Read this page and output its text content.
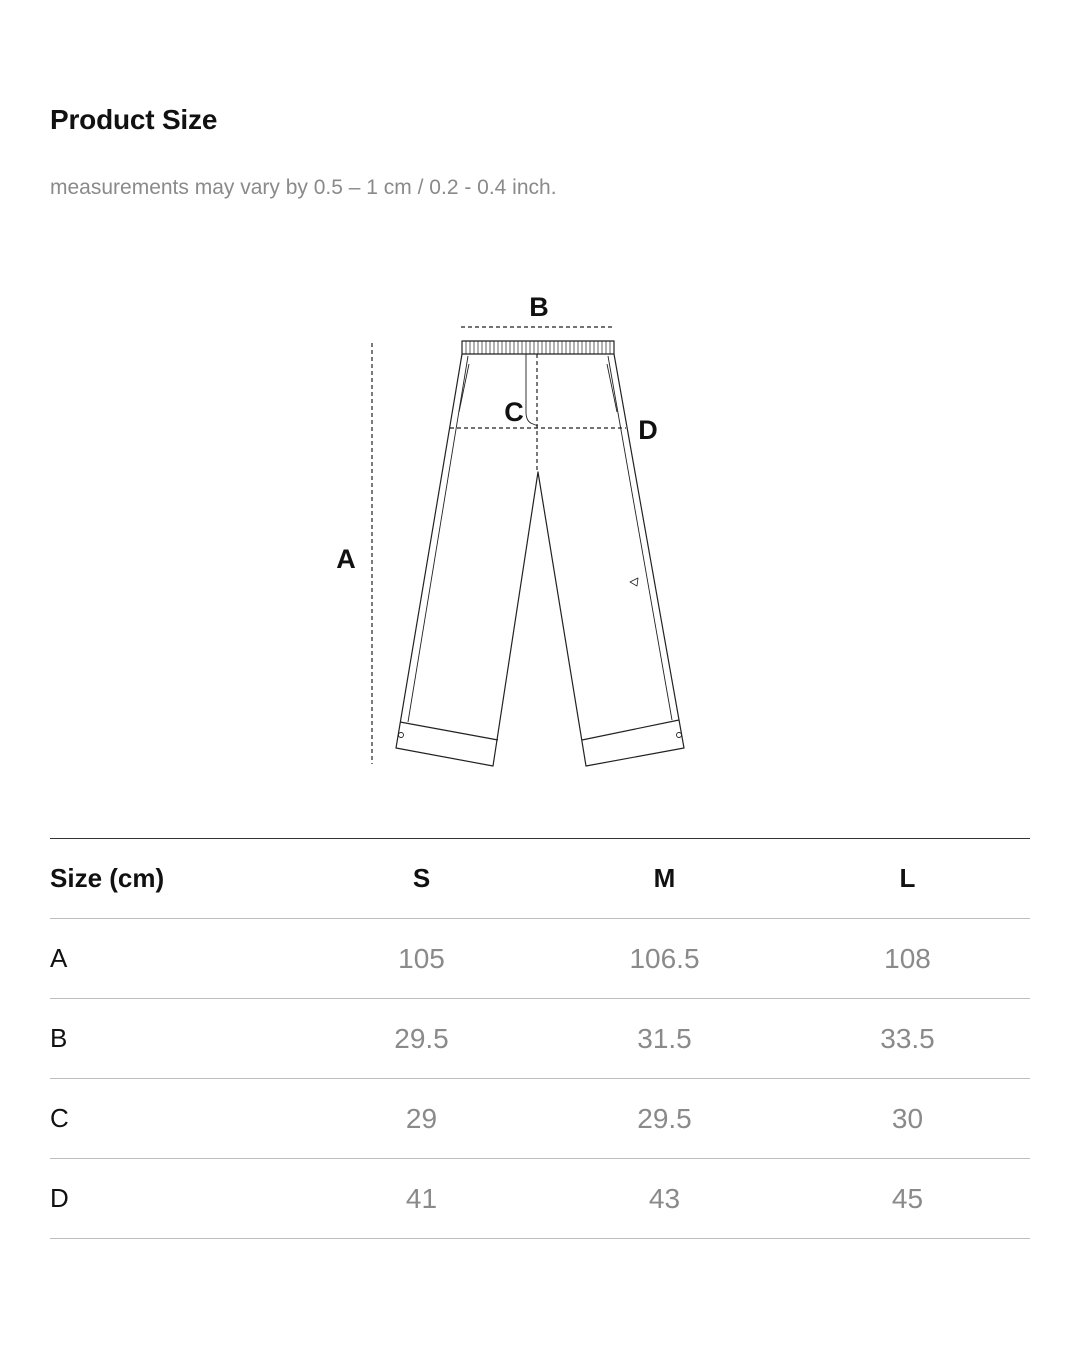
Product Size

measurements may vary by 0.5 – 1 cm / 0.2 - 0.4 inch.

A
B
C
D
Size (cm)	S	M	L
A	105	106.5	108
B	29.5	31.5	33.5
C	29	29.5	30
D	41	43	45
